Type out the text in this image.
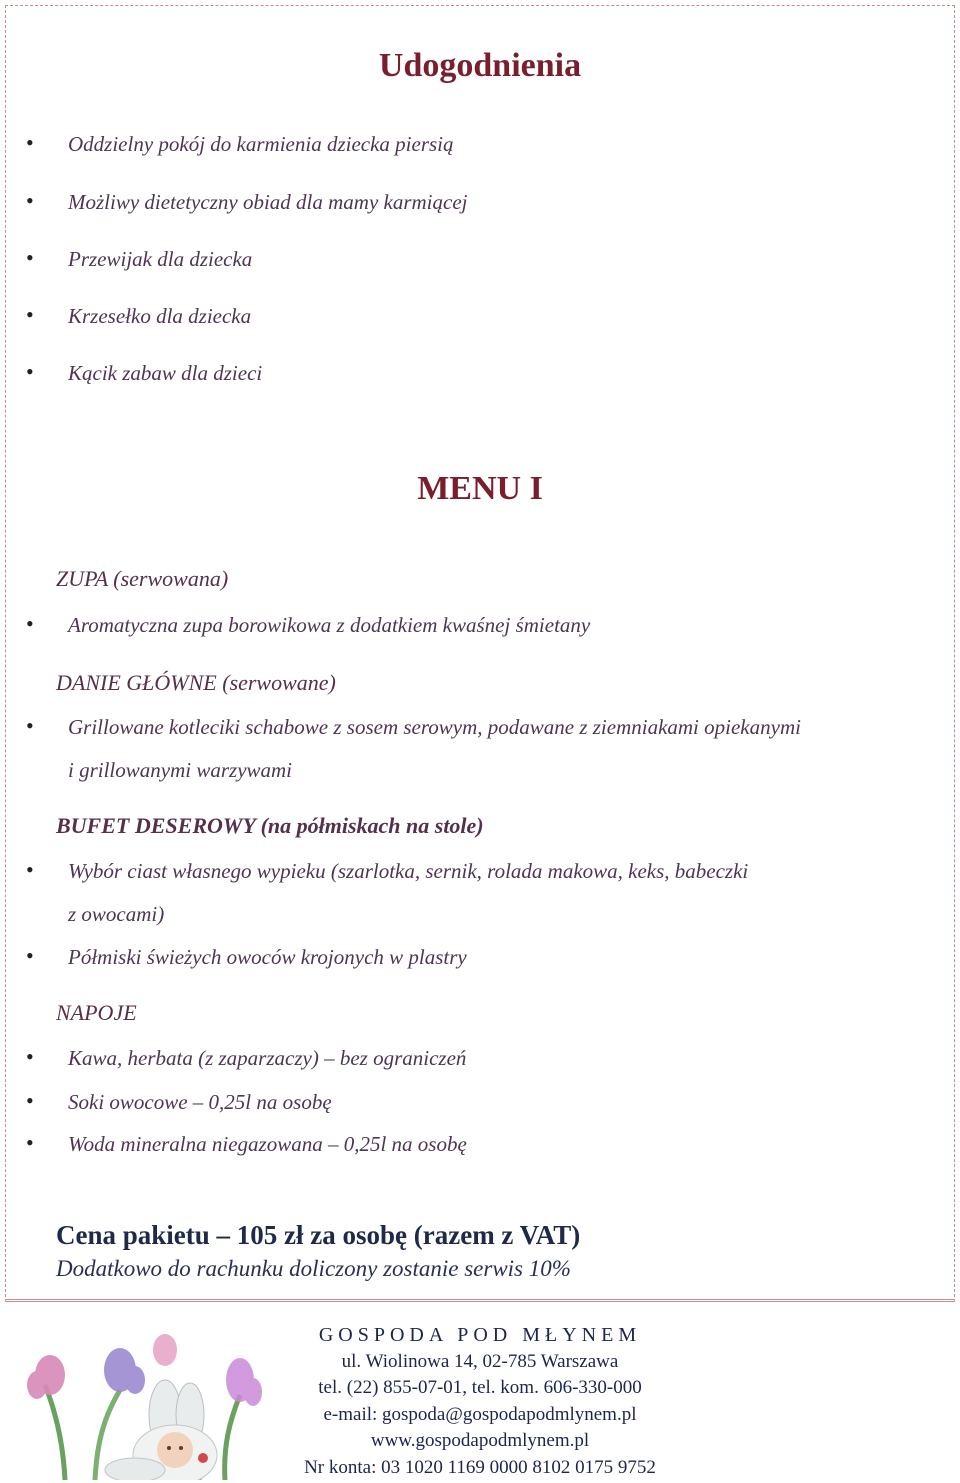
Udogodnienia
• Oddzielny pokój do karmienia dziecka piersią
• Możliwy dietetyczny obiad dla mamy karmiącej
• Przewijak dla dziecka
• Krzesełko dla dziecka
• Kącik zabaw dla dzieci
MENU I
ZUPA (serwowana)
• Aromatyczna zupa borowikowa z dodatkiem kwaśnej śmietany
DANIE GŁÓWNE (serwowane)
• Grillowane kotleciki schabowe z sosem serowym, podawane z ziemniakami opiekanymi
i grillowanymi warzywami
BUFET DESEROWY (na półmiskach na stole)
• Wybór ciast własnego wypieku (szarlotka, sernik, rolada makowa, keks, babeczki
z owocami)
• Półmiski świeżych owoców krojonych w plastry
NAPOJE
• Kawa, herbata (z zaparzaczy) – bez ograniczeń
• Soki owocowe – 0,25l na osobę
• Woda mineralna niegazowana – 0,25l na osobę
Cena pakietu – 105 zł za osobę (razem z VAT)
Dodatkowo do rachunku doliczony zostanie serwis 10%
GOSPODA POD MŁYNEM
ul. Wiolinowa 14, 02-785 Warszawa
tel. (22) 855-07-01, tel. kom. 606-330-000
e-mail: gospoda@gospodapodmlynem.pl
www.gospodapodmlynem.pl
Nr konta: 03 1020 1169 0000 8102 0175 9752
